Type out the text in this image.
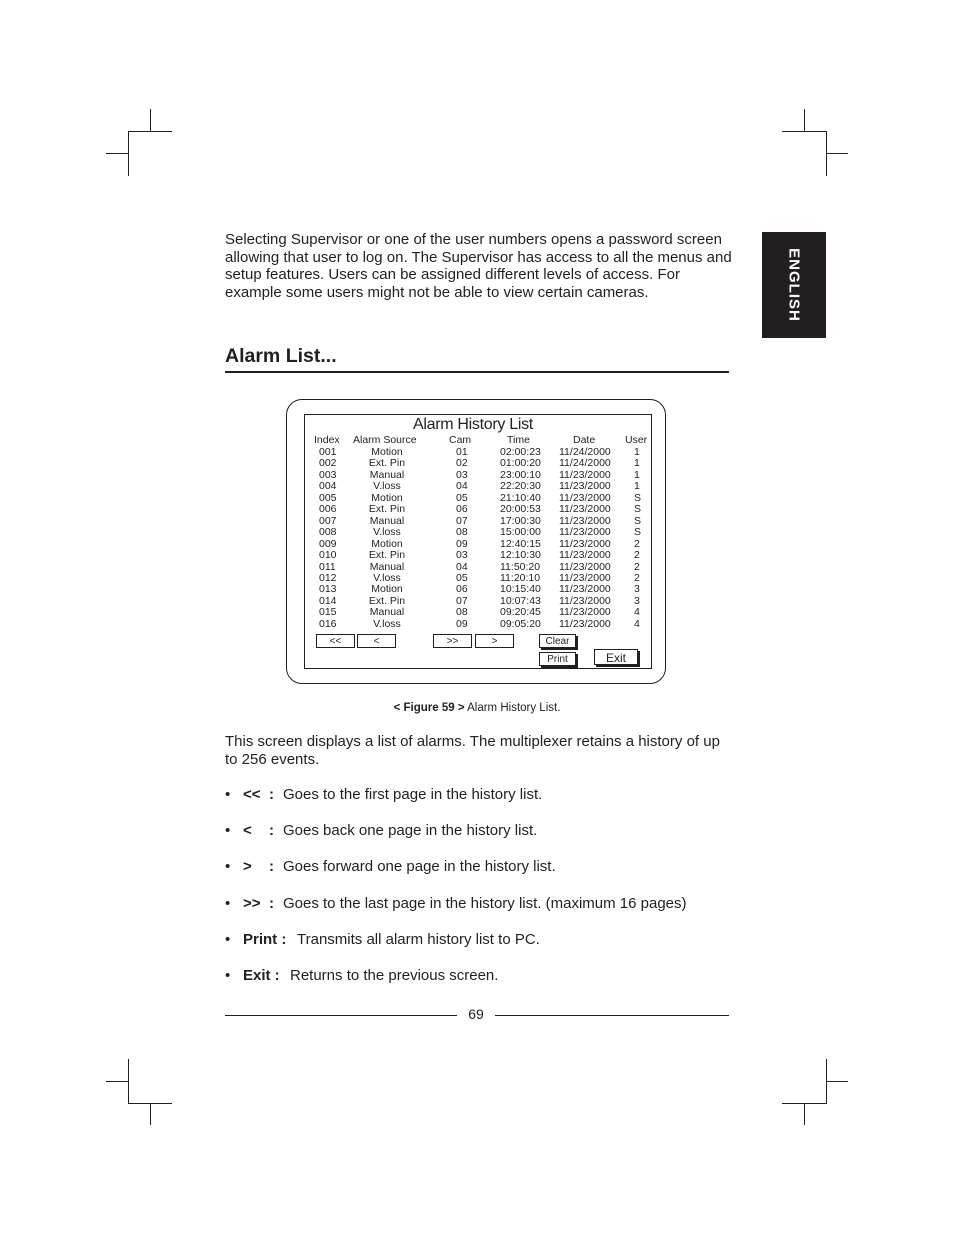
ENGLISH

Selecting Supervisor or one of the user numbers opens a password screen allowing that user to log on. The Supervisor has access to all the menus and setup features. Users can be assigned different levels of access. For example some users might not be able to view certain cameras.

Alarm List...
Alarm History List
Index Alarm Source	Cam	Time	Date	User
001	Motion	01	02:00:23 11/24/2000 1
002	Ext. Pin	02	01:00:20 11/24/2000 1
003	Manual	03	23:00:10 11/23/2000 1
004	V.loss	04	22:20:30 11/23/2000 1
005	Motion	05	21:10:40 11/23/2000 S
006	Ext. Pin	06	20:00:53 11/23/2000 S
007	Manual	07	17:00:30 11/23/2000 S
008	V.loss	08	15:00:00 11/23/2000 S
009	Motion	09	12:40:15 11/23/2000 2
010	Ext. Pin	03	12:10:30 11/23/2000 2
011	Manual	04	11:50:20 11/23/2000 2
012	V.loss	05	11:20:10 11/23/2000 2
013	Motion	06	10:15:40 11/23/2000 3
014	Ext. Pin	07	10:07:43 11/23/2000 3
015	Manual	08	09:20:45 11/23/2000 4
016	V.loss	09	09:05:20 11/23/2000 4
<<	<	>>	>	Clear
Print	Exit
< Figure 59 > Alarm History List.

This screen displays a list of alarms. The multiplexer retains a history of up to 256 events.

• << : Goes to the first page in the history list.
• < : Goes back one page in the history list.
• > : Goes forward one page in the history list.
• >> : Goes to the last page in the history list. (maximum 16 pages)
• Print : Transmits all alarm history list to PC.
• Exit : Returns to the previous screen.
69
